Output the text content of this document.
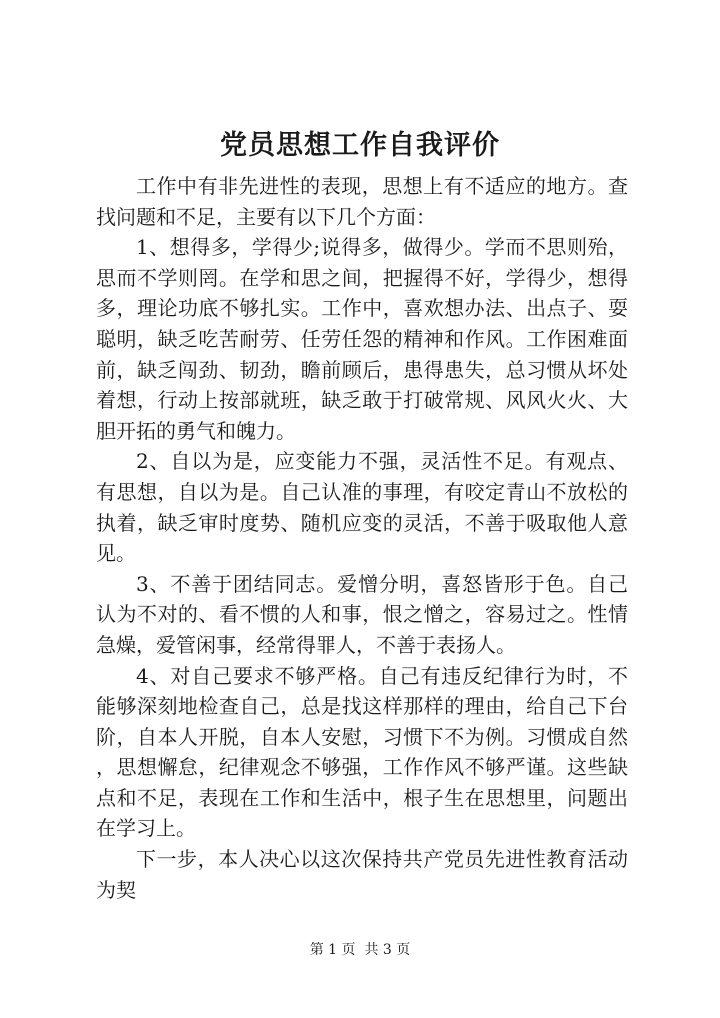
党员思想工作自我评价

工作中有非先进性的表现，思想上有不适应的地方。查找问题和不足，主要有以下几个方面：

1、想得多，学得少;说得多，做得少。学而不思则殆，思而不学则罔。在学和思之间，把握得不好，学得少，想得多，理论功底不够扎实。工作中，喜欢想办法、出点子、耍聪明，缺乏吃苦耐劳、任劳任怨的精神和作风。工作困难面前，缺乏闯劲、韧劲，瞻前顾后，患得患失，总习惯从坏处着想，行动上按部就班，缺乏敢于打破常规、风风火火、大胆开拓的勇气和魄力。

2、自以为是，应变能力不强，灵活性不足。有观点、有思想，自以为是。自己认准的事理，有咬定青山不放松的执着，缺乏审时度势、随机应变的灵活，不善于吸取他人意见。

3、不善于团结同志。爱憎分明，喜怒皆形于色。自己认为不对的、看不惯的人和事，恨之憎之，容易过之。性情急燥，爱管闲事，经常得罪人，不善于表扬人。

4、对自己要求不够严格。自己有违反纪律行为时，不能够深刻地检查自己，总是找这样那样的理由，给自己下台阶，自本人开脱，自本人安慰，习惯下不为例。习惯成自然，思想懈怠，纪律观念不够强，工作作风不够严谨。这些缺点和不足，表现在工作和生活中，根子生在思想里，问题出在学习上。

下一步，本人决心以这次保持共产党员先进性教育活动为契

第 1 页  共 3 页
